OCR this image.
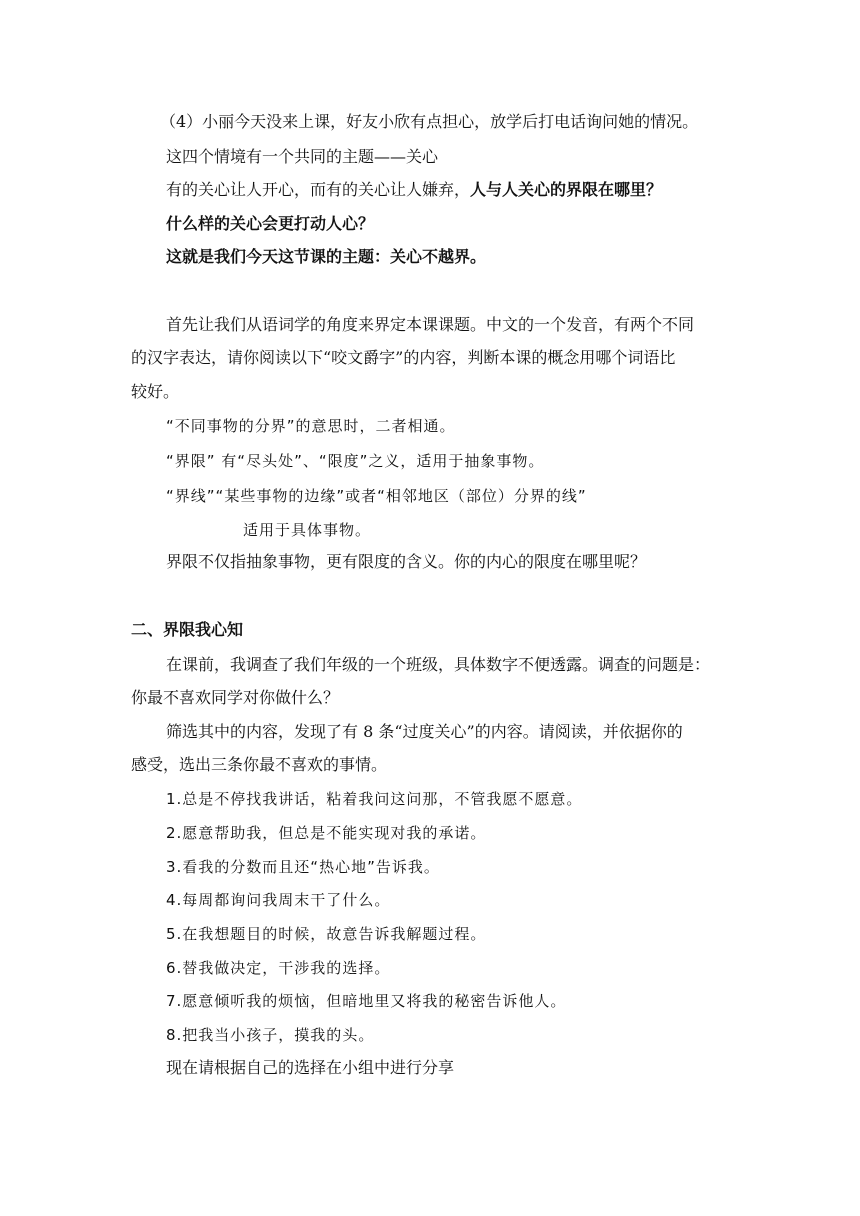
（4）小丽今天没来上课，好友小欣有点担心，放学后打电话询问她的情况。
这四个情境有一个共同的主题——关心
有的关心让人开心，而有的关心让人嫌弃，人与人关心的界限在哪里？
什么样的关心会更打动人心？
这就是我们今天这节课的主题：关心不越界。
首先让我们从语词学的角度来界定本课课题。中文的一个发音，有两个不同
的汉字表达，请你阅读以下“咬文爵字”的内容，判断本课的概念用哪个词语比
较好。
“不同事物的分界”的意思时，二者相通。
“界限” 有“尽头处”、“限度”之义，适用于抽象事物。
“界线”“某些事物的边缘”或者“相邻地区（部位）分界的线”
适用于具体事物。
界限不仅指抽象事物，更有限度的含义。你的内心的限度在哪里呢？
二、界限我心知
在课前，我调查了我们年级的一个班级，具体数字不便透露。调查的问题是：
你最不喜欢同学对你做什么？
筛选其中的内容，发现了有 8 条“过度关心”的内容。请阅读，并依据你的
感受，选出三条你最不喜欢的事情。
1.总是不停找我讲话，粘着我问这问那，不管我愿不愿意。
2.愿意帮助我，但总是不能实现对我的承诺。
3.看我的分数而且还“热心地”告诉我。
4.每周都询问我周末干了什么。
5.在我想题目的时候，故意告诉我解题过程。
6.替我做决定，干涉我的选择。
7.愿意倾听我的烦恼，但暗地里又将我的秘密告诉他人。
8.把我当小孩子，摸我的头。
现在请根据自己的选择在小组中进行分享
